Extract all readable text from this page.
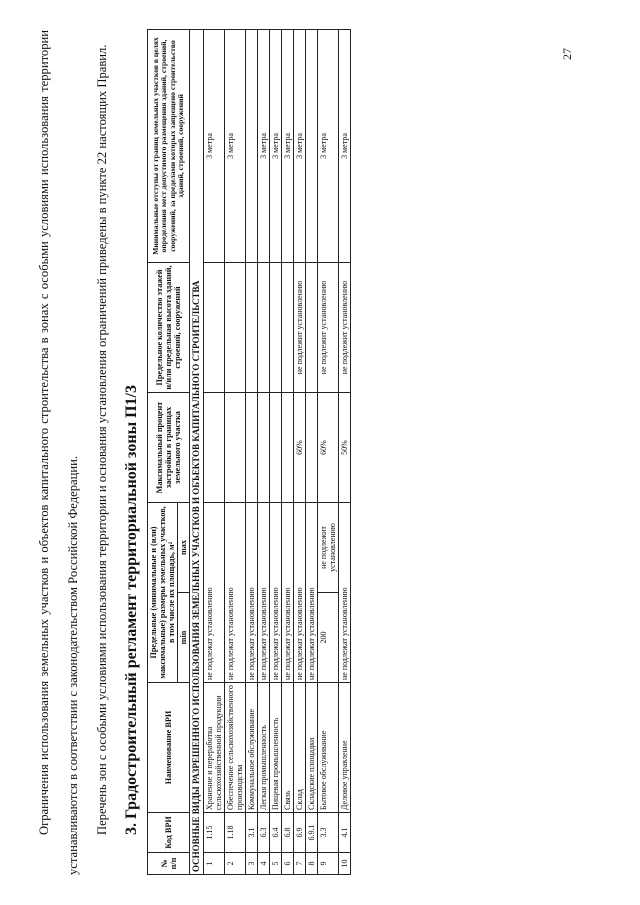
27

Ограничения использования земельных участков и объектов капитального строительства в зонах с особыми условиями использования территории устанавливаются в соответствии с законодательством Российской Федерации.	Перечень зон с особыми условиями использования территории и основания установления ограничений приведены в пункте 22 настоящих Правил. 3. Градостроительный регламент территориальной зоны П1/3
№ п/п	Код ВРИ	Наименование ВРИ	Предельные (минимальные и (или) максимальные) размеры земельных участков, в том числе их площадь, м²		Максимальный процент застройки в границах земельного участка	Предельное количество этажей и/или предельная высота зданий, строений, сооружений	Минимальные отступы от границ земельных участков в целях определения мест допустимого размещения зданий, строений, сооружений, за пределами которых запрещено строительство зданий, строений, сооружений
			min	max			
ОСНОВНЫЕ ВИДЫ РАЗРЕШЕННОГО ИСПОЛЬЗОВАНИЯ ЗЕМЕЛЬНЫХ УЧАСТКОВ И ОБЪЕКТОВ КАПИТАЛЬНОГО СТРОИТЕЛЬСТВА							
1	1.15	Хранение и переработка сельскохозяйственной продукции	не подлежат установлению				3 метра
2	1.18	Обеспечение сельскохозяйственного производства	не подлежат установлению				3 метра
3	3.1	Коммунальное обслуживание	не подлежат установлению				
4	6.3	Легкая промышленность	не подлежат установлению				3 метра
5	6.4	Пищевая промышленность	не подлежат установлению				3 метра
6	6.8	Связь	не подлежат установлению				3 метра
7	6.9	Склад	не подлежат установлению		60%	не подлежит установлению	3 метра
8	6.9.1	Складские площадки	не подлежат установлению				
9	3.3	Бытовое обслуживание	200	не подлежит установлению	60%	не подлежит установлению	3 метра
10	4.1	Деловое управление	не подлежат установлению		50%	не подлежит установлению	3 метра
